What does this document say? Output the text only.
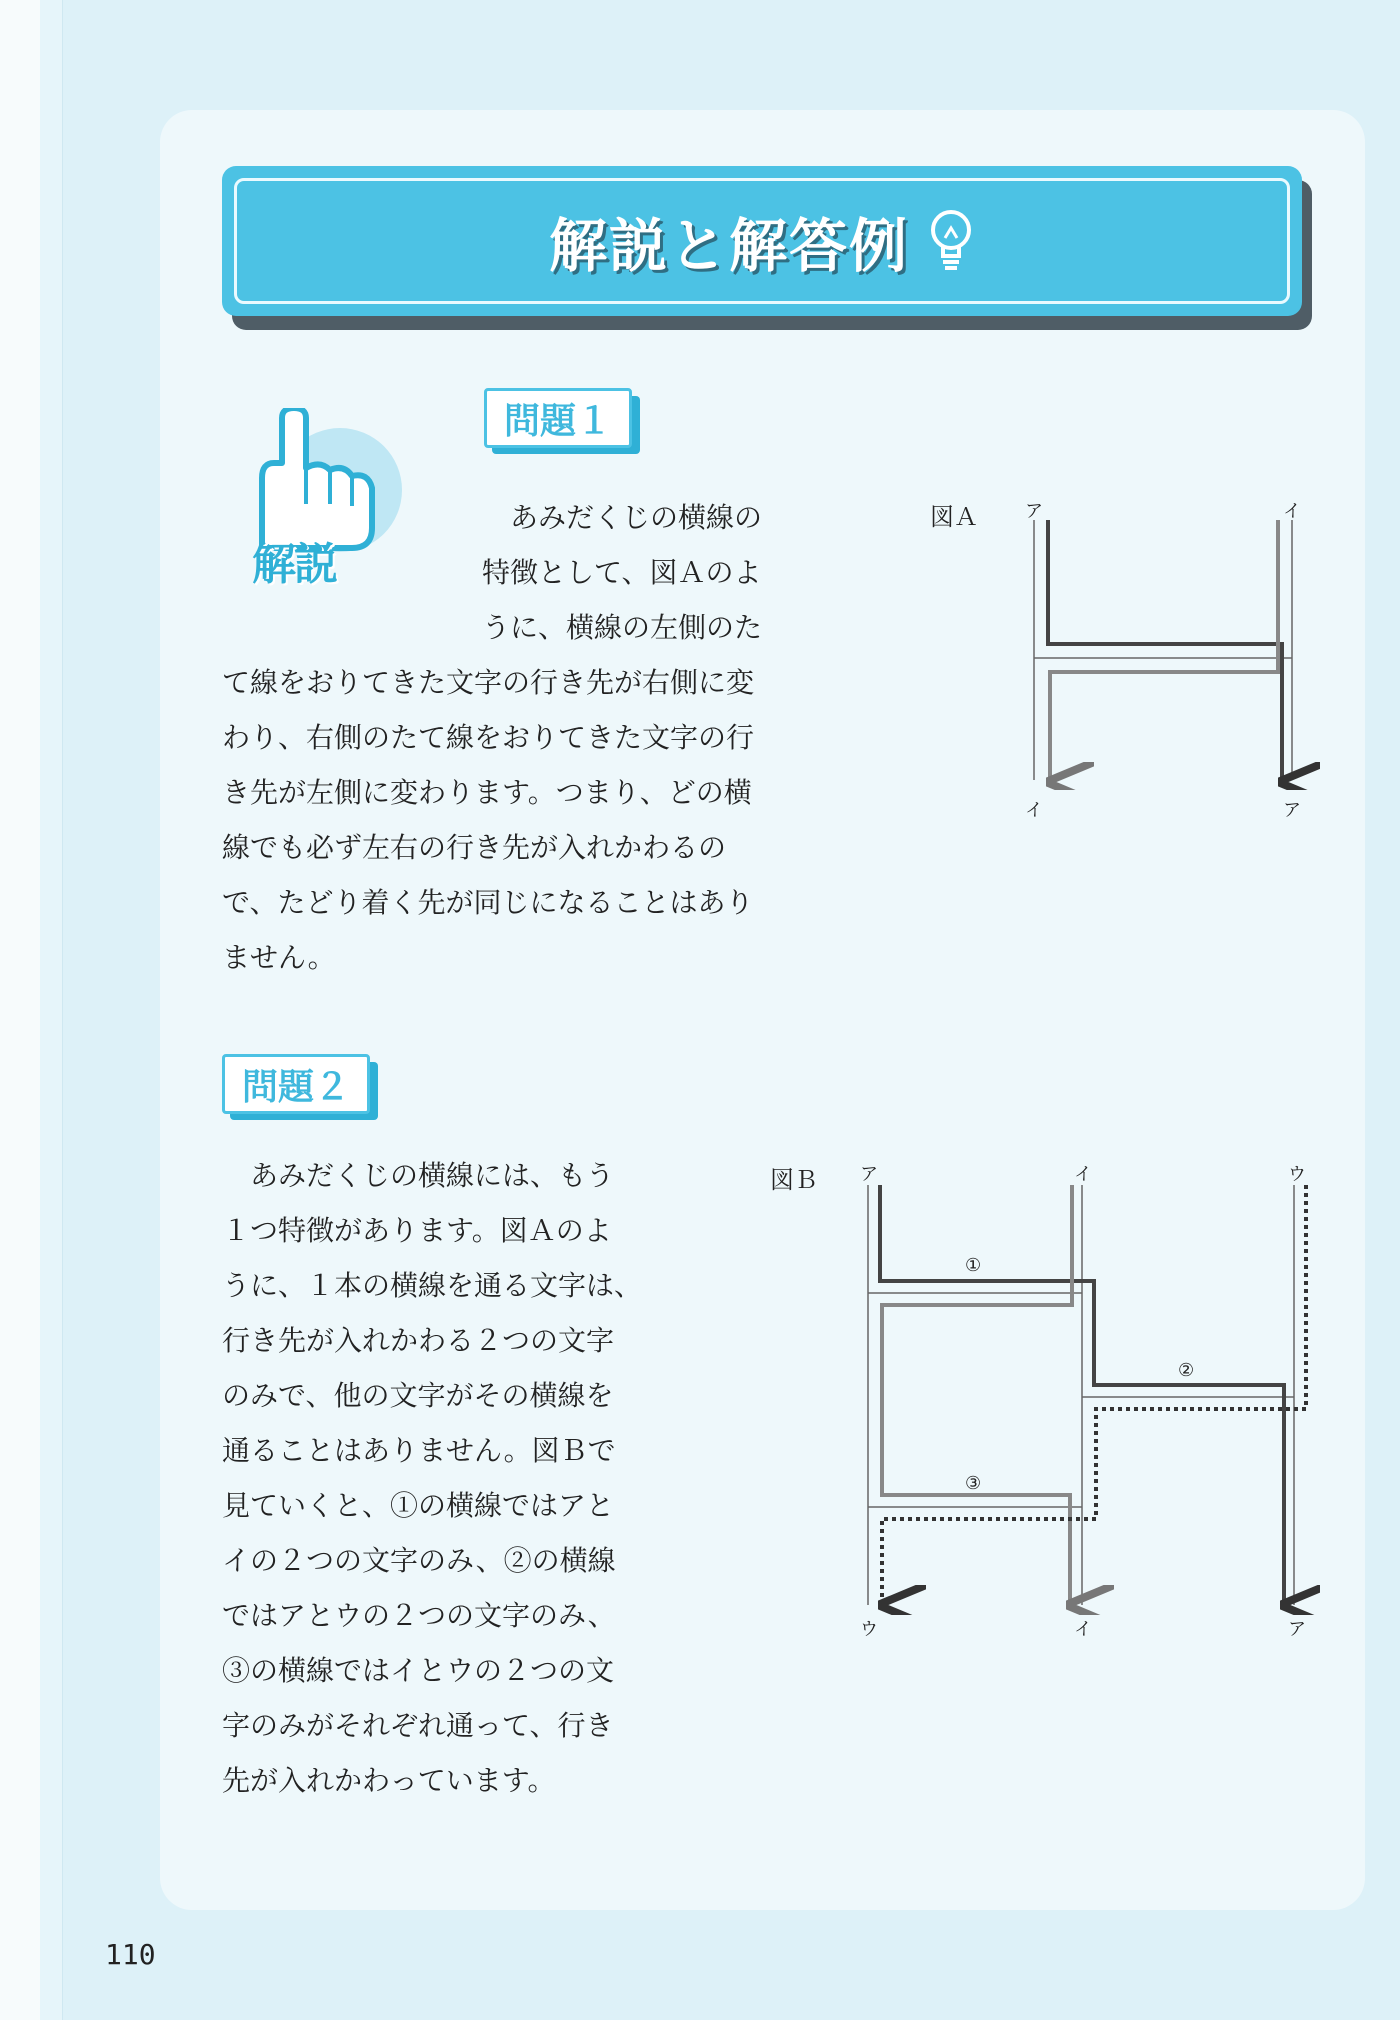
解説と解答例
問題１
解説

あみだくじの横線の

特徴として、図Ａのよ

うに、横線の左側のた

て線をおりてきた文字の行き先が右側に変

わり、右側のたて線をおりてきた文字の行

き先が左側に変わります。つまり、どの横

線でも必ず左右の行き先が入れかわるの

で、たどり着く先が同じになることはあり

ません。

図Ａ	ア	イ
イ	ア
問題２

あみだくじの横線には、もう

１つ特徴があります。図Ａのよ

うに、１本の横線を通る文字は、

行き先が入れかわる２つの文字

のみで、他の文字がその横線を

通ることはありません。図Ｂで

見ていくと、①の横線ではアと

イの２つの文字のみ、②の横線

ではアとウの２つの文字のみ、

③の横線ではイとウの２つの文

字のみがそれぞれ通って、行き

先が入れかわっています。

図Ｂ ア	イ	ウ
ウ	イ	ア
①
②
③
110
